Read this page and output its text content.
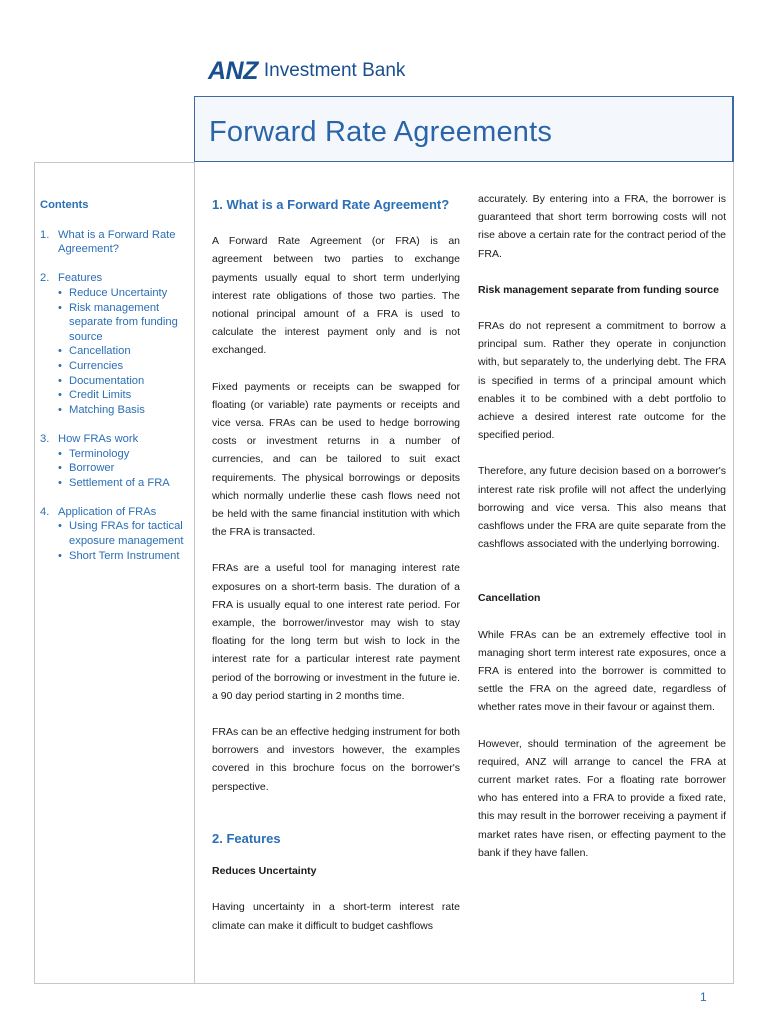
ANZ Investment Bank
Forward Rate Agreements
Contents
1. What is a Forward Rate
Agreement?
2. Features
• Reduce Uncertainty
• Risk management
separate from funding
source
• Cancellation
• Currencies
• Documentation
• Credit Limits
• Matching Basis
3. How FRAs work
• Terminology
• Borrower
• Settlement of a FRA
4. Application of FRAs
• Using FRAs for tactical
exposure management
• Short Term Instrument

1. What is a Forward Rate Agreement?

A Forward Rate Agreement (or FRA) is an agreement between two parties to exchange payments usually equal to short term underlying interest rate obligations of those two parties. The notional principal amount of a FRA is used to calculate the interest payment only and is not exchanged.

Fixed payments or receipts can be swapped for floating (or variable) rate payments or receipts and vice versa. FRAs can be used to hedge borrowing costs or investment returns in a number of currencies, and can be tailored to suit exact requirements. The physical borrowings or deposits which normally underlie these cash flows need not be held with the same financial institution with which the FRA is transacted.

FRAs are a useful tool for managing interest rate exposures on a short-term basis. The duration of a FRA is usually equal to one interest rate period. For example, the borrower/investor may wish to stay floating for the long term but wish to lock in the interest rate for a particular interest rate payment period of the borrowing or investment in the future ie. a 90 day period starting in 2 months time.

FRAs can be an effective hedging instrument for both borrowers and investors however, the examples covered in this brochure focus on the borrower's perspective.

2. Features

Reduces Uncertainty

Having uncertainty in a short-term interest rate climate can make it difficult to budget cashflows

accurately. By entering into a FRA, the borrower is guaranteed that short term borrowing costs will not rise above a certain rate for the contract period of the FRA.

Risk management separate from funding source

FRAs do not represent a commitment to borrow a principal sum. Rather they operate in conjunction with, but separately to, the underlying debt. The FRA is specified in terms of a principal amount which enables it to be combined with a debt portfolio to achieve a desired interest rate outcome for the specified period.

Therefore, any future decision based on a borrower's interest rate risk profile will not affect the underlying borrowing and vice versa. This also means that cashflows under the FRA are quite separate from the cashflows associated with the underlying borrowing.

Cancellation

While FRAs can be an extremely effective tool in managing short term interest rate exposures, once a FRA is entered into the borrower is committed to settle the FRA on the agreed date, regardless of whether rates move in their favour or against them.

However, should termination of the agreement be required, ANZ will arrange to cancel the FRA at current market rates. For a floating rate borrower who has entered into a FRA to provide a fixed rate, this may result in the borrower receiving a payment if market rates have risen, or effecting payment to the bank if they have fallen.

1
